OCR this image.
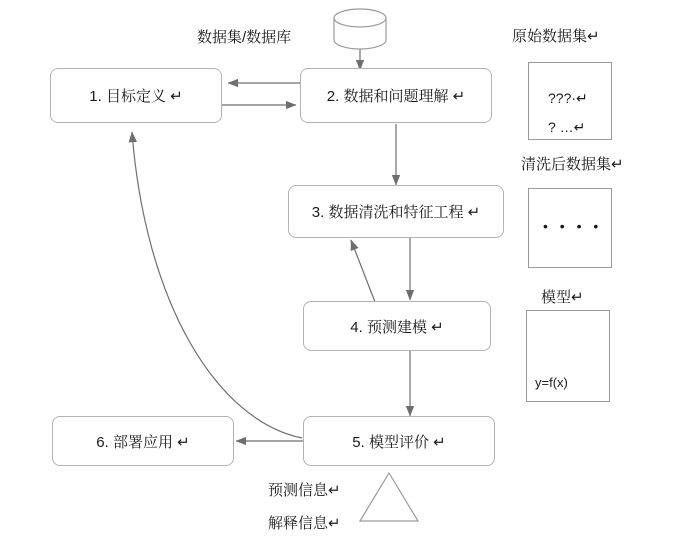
1. 目标定义 ↵	2. 数据和问题理解 ↵
3. 数据清洗和特征工程 ↵
4. 预测建模 ↵
5. 模型评价 ↵
6. 部署应用 ↵
数据集/数据库	原始数据集↵
清洗后数据集↵
模型↵
预测信息↵
解释信息↵
???·↵
? …↵
• • • •
y=f(x)
